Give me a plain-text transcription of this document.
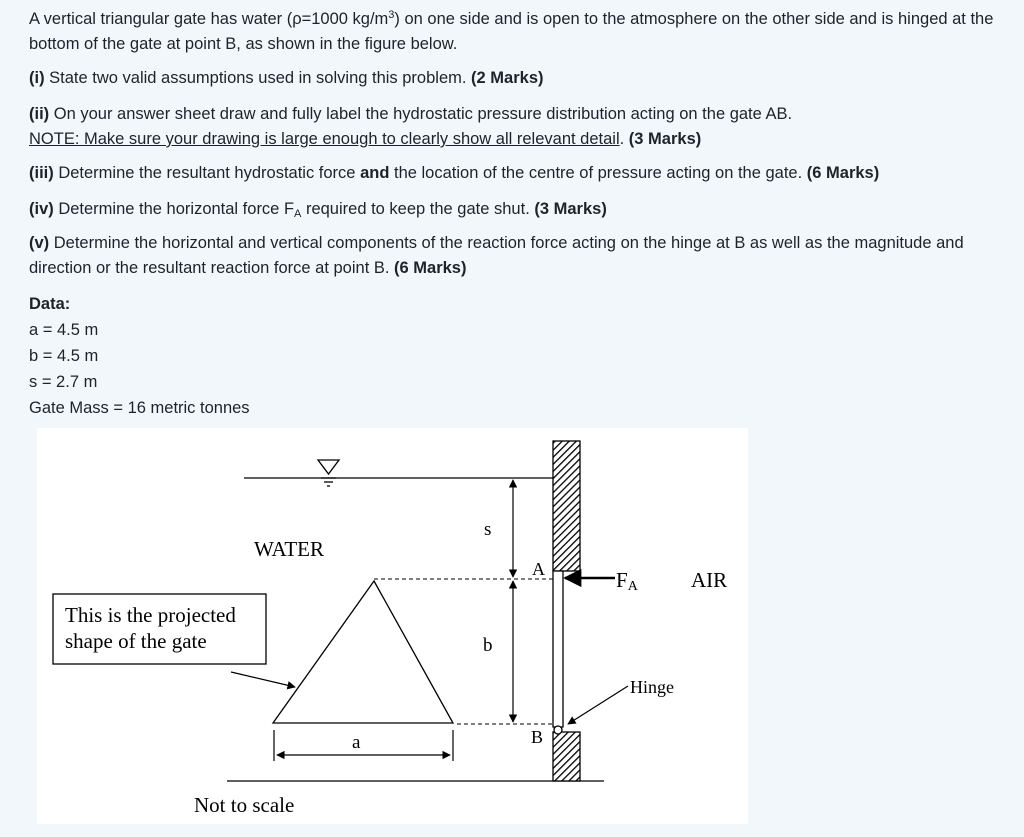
A vertical triangular gate has water (ρ=1000 $kg/m^3$) on one side and is open to the atmosphere on the other side and is hinged at the bottom of the gate at point B, as shown in the figure below.
(i) State two valid assumptions used in solving this problem. (2 Marks)
(ii) On your answer sheet draw and fully label the hydrostatic pressure distribution acting on the gate AB.
NOTE: Make sure your drawing is large enough to clearly show all relevant detail. (3 Marks)
(iii) Determine the resultant hydrostatic force and the location of the centre of pressure acting on the gate. (6 Marks)
(iv) Determine the horizontal force $F_A$ required to keep the gate shut. (3 Marks)
(v) Determine the horizontal and vertical components of the reaction force acting on the hinge at B as well as the magnitude and direction or the resultant reaction force at point B. (6 Marks)
Data:
a = 4.5 m
b = 4.5 m
s = 2.7 m
Gate Mass = 16 metric tonnes
s
b
a
WATER
AIR
A
B
FA
Hinge
This is the projected
shape of the gate
Not to scale
